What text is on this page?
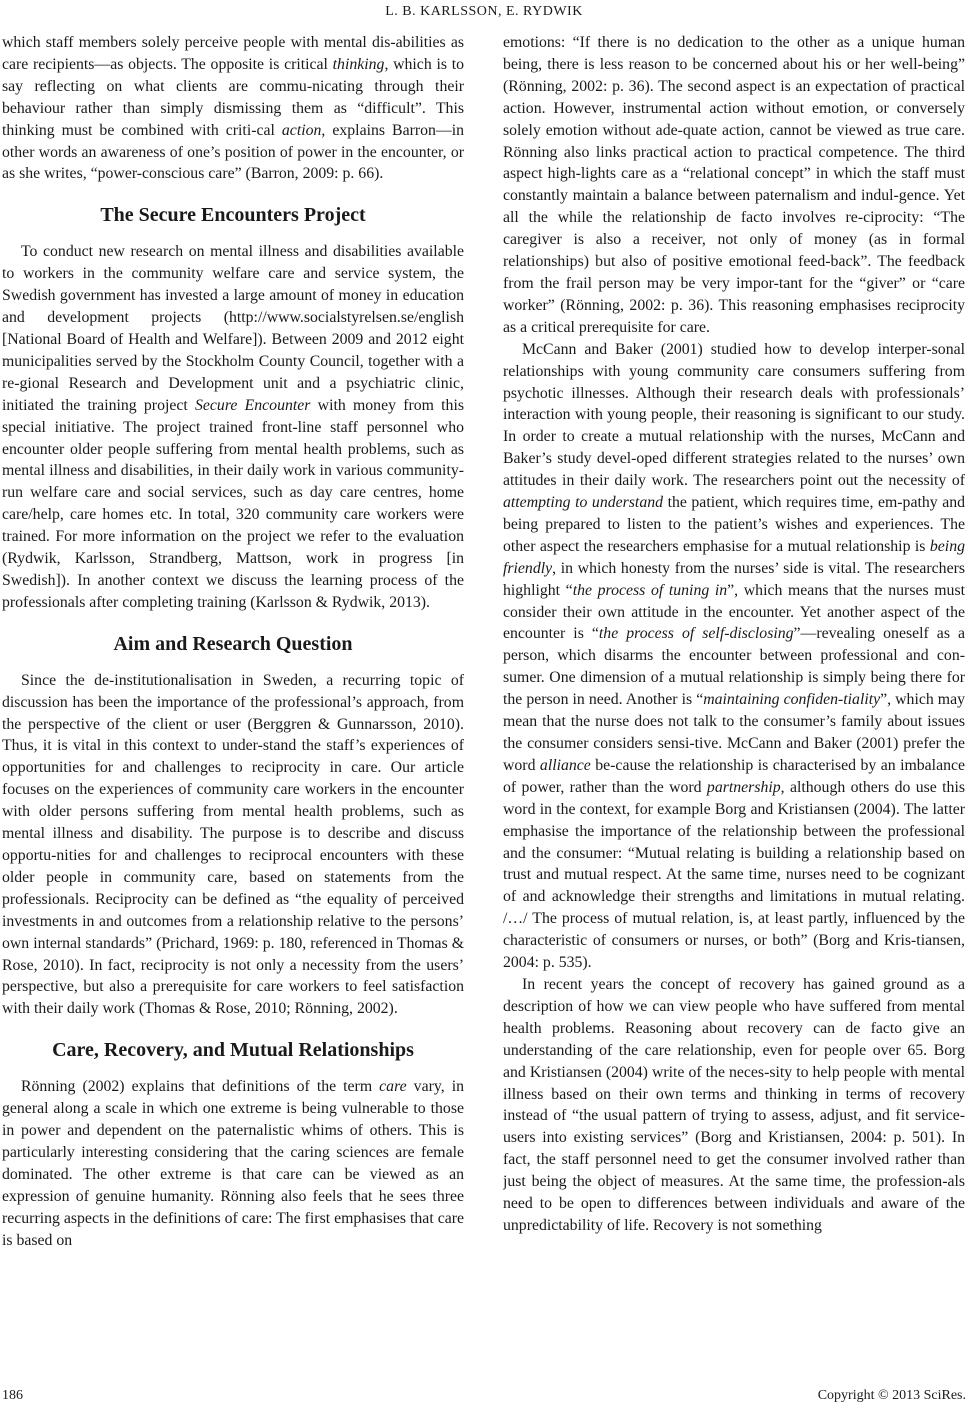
L. B. KARLSSON, E. RYDWIK

which staff members solely perceive people with mental dis-abilities as care recipients—as objects. The opposite is critical thinking, which is to say reflecting on what clients are commu-nicating through their behaviour rather than simply dismissing them as “difficult”. This thinking must be combined with criti-cal action, explains Barron—in other words an awareness of one’s position of power in the encounter, or as she writes, “power-conscious care” (Barron, 2009: p. 66).

The Secure Encounters Project

To conduct new research on mental illness and disabilities available to workers in the community welfare care and service system, the Swedish government has invested a large amount of money in education and development projects (http://www.socialstyrelsen.se/english [National Board of Health and Welfare]). Between 2009 and 2012 eight municipalities served by the Stockholm County Council, together with a re-gional Research and Development unit and a psychiatric clinic, initiated the training project Secure Encounter with money from this special initiative. The project trained front-line staff personnel who encounter older people suffering from mental health problems, such as mental illness and disabilities, in their daily work in various community-run welfare care and social services, such as day care centres, home care/help, care homes etc. In total, 320 community care workers were trained. For more information on the project we refer to the evaluation (Rydwik, Karlsson, Strandberg, Mattson, work in progress [in Swedish]). In another context we discuss the learning process of the professionals after completing training (Karlsson & Rydwik, 2013).

Aim and Research Question

Since the de-institutionalisation in Sweden, a recurring topic of discussion has been the importance of the professional’s approach, from the perspective of the client or user (Berggren & Gunnarsson, 2010). Thus, it is vital in this context to under-stand the staff’s experiences of opportunities for and challenges to reciprocity in care. Our article focuses on the experiences of community care workers in the encounter with older persons suffering from mental health problems, such as mental illness and disability. The purpose is to describe and discuss opportu-nities for and challenges to reciprocal encounters with these older people in community care, based on statements from the professionals. Reciprocity can be defined as “the equality of perceived investments in and outcomes from a relationship relative to the persons’ own internal standards” (Prichard, 1969: p. 180, referenced in Thomas & Rose, 2010). In fact, reciprocity is not only a necessity from the users’ perspective, but also a prerequisite for care workers to feel satisfaction with their daily work (Thomas & Rose, 2010; Rönning, 2002).

Care, Recovery, and Mutual Relationships

Rönning (2002) explains that definitions of the term care vary, in general along a scale in which one extreme is being vulnerable to those in power and dependent on the paternalistic whims of others. This is particularly interesting considering that the caring sciences are female dominated. The other extreme is that care can be viewed as an expression of genuine humanity. Rönning also feels that he sees three recurring aspects in the definitions of care: The first emphasises that care is based on

emotions: “If there is no dedication to the other as a unique human being, there is less reason to be concerned about his or her well-being” (Rönning, 2002: p. 36). The second aspect is an expectation of practical action. However, instrumental action without emotion, or conversely solely emotion without ade-quate action, cannot be viewed as true care. Rönning also links practical action to practical competence. The third aspect high-lights care as a “relational concept” in which the staff must constantly maintain a balance between paternalism and indul-gence. Yet all the while the relationship de facto involves re-ciprocity: “The caregiver is also a receiver, not only of money (as in formal relationships) but also of positive emotional feed-back”. The feedback from the frail person may be very impor-tant for the “giver” or “care worker” (Rönning, 2002: p. 36). This reasoning emphasises reciprocity as a critical prerequisite for care.

McCann and Baker (2001) studied how to develop interper-sonal relationships with young community care consumers suffering from psychotic illnesses. Although their research deals with professionals’ interaction with young people, their reasoning is significant to our study. In order to create a mutual relationship with the nurses, McCann and Baker’s study devel-oped different strategies related to the nurses’ own attitudes in their daily work. The researchers point out the necessity of attempting to understand the patient, which requires time, em-pathy and being prepared to listen to the patient’s wishes and experiences. The other aspect the researchers emphasise for a mutual relationship is being friendly, in which honesty from the nurses’ side is vital. The researchers highlight “the process of tuning in”, which means that the nurses must consider their own attitude in the encounter. Yet another aspect of the encounter is “the process of self-disclosing”—revealing oneself as a person, which disarms the encounter between professional and con-sumer. One dimension of a mutual relationship is simply being there for the person in need. Another is “maintaining confiden-tiality”, which may mean that the nurse does not talk to the consumer’s family about issues the consumer considers sensi-tive. McCann and Baker (2001) prefer the word alliance be-cause the relationship is characterised by an imbalance of power, rather than the word partnership, although others do use this word in the context, for example Borg and Kristiansen (2004). The latter emphasise the importance of the relationship between the professional and the consumer: “Mutual relating is building a relationship based on trust and mutual respect. At the same time, nurses need to be cognizant of and acknowledge their strengths and limitations in mutual relating. /…/ The process of mutual relation, is, at least partly, influenced by the characteristic of consumers or nurses, or both” (Borg and Kris-tiansen, 2004: p. 535).

In recent years the concept of recovery has gained ground as a description of how we can view people who have suffered from mental health problems. Reasoning about recovery can de facto give an understanding of the care relationship, even for people over 65. Borg and Kristiansen (2004) write of the neces-sity to help people with mental illness based on their own terms and thinking in terms of recovery instead of “the usual pattern of trying to assess, adjust, and fit service-users into existing services” (Borg and Kristiansen, 2004: p. 501). In fact, the staff personnel need to get the consumer involved rather than just being the object of measures. At the same time, the profession-als need to be open to differences between individuals and aware of the unpredictability of life. Recovery is not something

186	Copyright © 2013 SciRes.
